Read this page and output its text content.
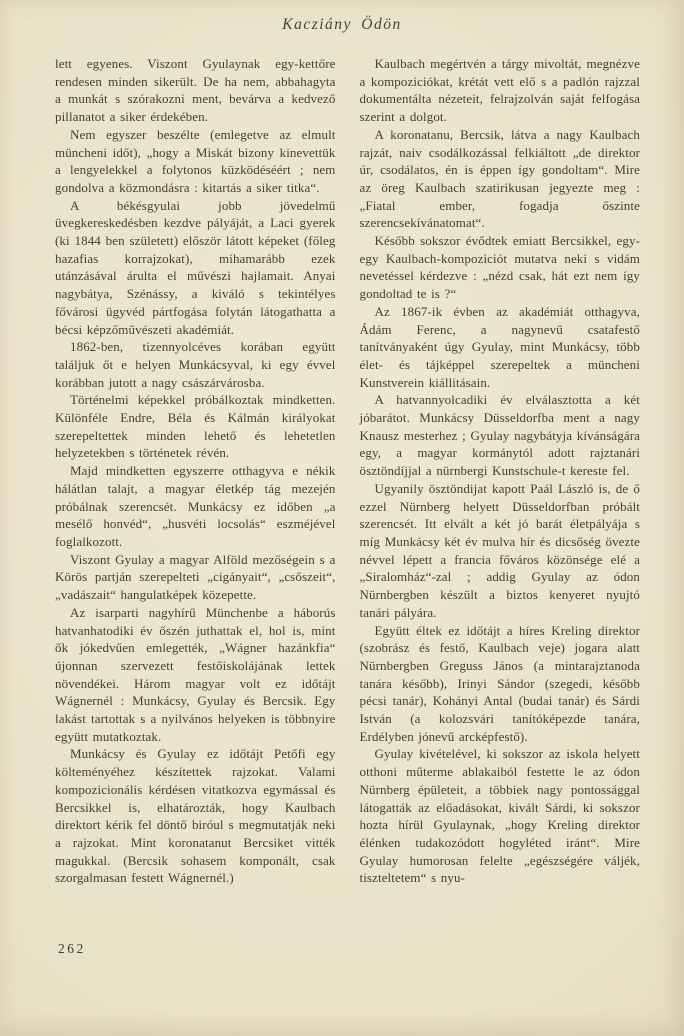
Kacziány Ödön

lett egyenes. Viszont Gyulaynak egy-kettőre rendesen minden sikerült. De ha nem, abbahagyta a munkát s szórakozni ment, bevárva a kedvező pillanatot a siker érdekében.

Nem egyszer beszélte (emlegetve az elmult müncheni időt), „hogy a Miskát bizony kinevettük a lengyelekkel a folytonos küzködéséért ; nem gondolva a közmondásra : kitartás a siker titka“.

A békésgyulai jobb jövedelmű üvegkereskedésben kezdve pályáját, a Laci gyerek (ki 1844 ben született) először látott képeket (főleg hazafias korrajzokat), mihamarább ezek utánzásával árulta el művészi hajlamait. Anyai nagybátya, Szénássy, a kiváló s tekintélyes fővárosi ügyvéd pártfogása folytán látogathatta a bécsi képzőművészeti akadémiát.

1862-ben, tizennyolcéves korában együtt találjuk őt e helyen Munkácsyval, ki egy évvel korábban jutott a nagy császárvárosba.

Történelmi képekkel próbálkoztak mindketten. Különféle Endre, Béla és Kálmán királyokat szerepeltettek minden lehető és lehetetlen helyzetekben s történetek révén.

Majd mindketten egyszerre otthagyva e nékik hálátlan talajt, a magyar életkép tág mezején próbálnak szerencsét. Munkácsy ez időben „a mesélő honvéd“, „husvéti locsolás“ eszméjével foglalkozott.

Viszont Gyulay a magyar Alföld mezőségein s a Körös partján szerepelteti „cigányait“, „csőszeit“, „vadászait“ hangulatképek közepette.

Az isarparti nagyhírű Münchenbe a háborús hatvanhatodiki év őszén juthattak el, hol is, mint ők jókedvűen emlegették, „Wágner hazánkfia“ újonnan szervezett festőiskolájának lettek növendékei. Három magyar volt ez időtájt Wágnernél : Munkácsy, Gyulay és Bercsik. Egy lakást tartottak s a nyilvános helyeken is többnyire együtt mutatkoztak.

Munkácsy és Gyulay ez időtájt Petőfi egy költeményéhez készítettek rajzokat. Valami kompozicionális kérdésen vitatkozva egymással és Bercsikkel is, elhatározták, hogy Kaulbach direktort kérik fel döntő biróul s megmutatják neki a rajzokat. Mint koronatanut Bercsiket vitték magukkal. (Bercsik sohasem komponált, csak szorgalmasan festett Wágnernél.)

Kaulbach megértvén a tárgy mivoltát, megnézve a kompoziciókat, krétát vett elő s a padlón rajzzal dokumentálta nézeteit, felrajzolván saját felfogása szerint a dolgot.

A koronatanu, Bercsik, látva a nagy Kaulbach rajzát, naiv csodálkozással felkiáltott „de direktor úr, csodálatos, én is éppen így gondoltam“. Mire az öreg Kaulbach szatirikusan jegyezte meg : „Fiatal ember, fogadja őszinte szerencsekívánatomat“.

Később sokszor évődtek emiatt Bercsikkel, egy-egy Kaulbach-kompoziciót mutatva neki s vidám nevetéssel kérdezve : „nézd csak, hát ezt nem így gondoltad te is ?“

Az 1867-ik évben az akadémiát otthagyva, Ádám Ferenc, a nagynevű csatafestő tanítványaként úgy Gyulay, mint Munkácsy, több élet- és tájképpel szerepeltek a müncheni Kunstverein kiállitásain.

A hatvannyolcadiki év elválasztotta a két jóbarátot. Munkácsy Düsseldorfba ment a nagy Knausz mesterhez ; Gyulay nagybátyja kívánságára egy, a magyar kormánytól adott rajztanári ösztöndíjjal a nürnbergi Kunstschule-t kereste fel.

Ugyanily ösztöndijat kapott Paál László is, de ő ezzel Nürnberg helyett Düsseldorfban próbált szerencsét. Itt elvált a két jó barát életpályája s míg Munkácsy két év mulva hír és dicsőség övezte névvel lépett a francia főváros közönsége elé a „Siralomház“-zal ; addig Gyulay az ódon Nürnbergben készült a biztos kenyeret nyujtó tanári pályára.

Együtt éltek ez időtájt a híres Kreling direktor (szobrász és festő, Kaulbach veje) jogara alatt Nürnbergben Greguss János (a mintarajztanoda tanára később), Irinyi Sándor (szegedi, később pécsi tanár), Kohányi Antal (budai tanár) és Sárdi István (a kolozsvári tanítóképezde tanára, Erdélyben jónevű arcképfestő).

Gyulay kivételével, ki sokszor az iskola helyett otthoni műterme ablakaiból festette le az ódon Nürnberg épületeit, a többiek nagy pontossággal látogatták az előadásokat, kivált Sárdi, ki sokszor hozta hírül Gyulaynak, „hogy Kreling direktor élénken tudakozódott hogyléted iránt“. Mire Gyulay humorosan felelte „egészségére váljék, tiszteltetem“ s nyu-

262
